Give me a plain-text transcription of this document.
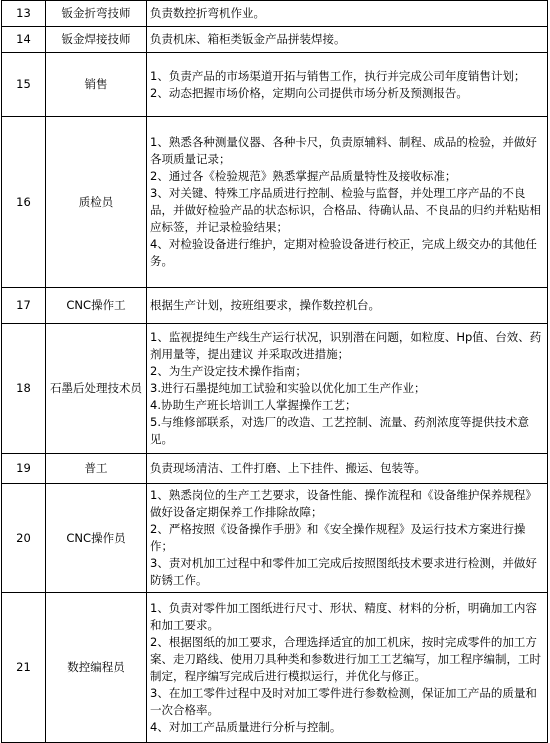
13	钣金折弯技师	负责数控折弯机作业。

14	钣金焊接技师	负责机床、箱柜类钣金产品拼装焊接。

15	销售	1、负责产品的市场渠道开拓与销售工作，执行并完成公司年度销售计划；
2、动态把握市场价格，定期向公司提供市场分析及预测报告。

16	质检员	1、熟悉各种测量仪器、各种卡尺，负责原辅料、制程、成品的检验，并做好各项质量记录；
2、通过各《检验规范》熟悉掌握产品质量特性及接收标准；
3、对关键、特殊工序品质进行控制、检验与监督，并处理工序产品的不良品，并做好检验产品的状态标识，合格品、待确认品、不良品的归约并粘贴相应标签，并记录检验结果；
4、对检验设备进行维护，定期对检验设备进行校正，完成上级交办的其他任务。

17	CNC操作工	根据生产计划，按班组要求，操作数控机台。

18	石墨后处理技术员	1、监视提纯生产线生产运行状况，识别潜在问题，如粒度、Hp值、台效、药剂用量等，提出建议 并采取改进措施；
2、为生产设定技术操作指南；
3.进行石墨提纯加工试验和实验以优化加工生产作业；
4.协助生产班长培训工人掌握操作工艺；
5.与维修部联系，对选厂的改造、工艺控制、流量、药剂浓度等提供技术意见。

19	普工	负责现场清洁、工件打磨、上下挂件、搬运、包装等。

20	CNC操作员	1、熟悉岗位的生产工艺要求，设备性能、操作流程和《设备维护保养规程》做好设备定期保养工作排除故障；
2、严格按照《设备操作手册》和《安全操作规程》及运行技术方案进行操作；
3、责对机加工过程中和零件加工完成后按照图纸技术要求进行检测，并做好防锈工作。

21	数控编程员	1、负责对零件加工图纸进行尺寸、形状、精度、材料的分析，明确加工内容和加工要求。
2、根据图纸的加工要求，合理选择适宜的加工机床，按时完成零件的加工方案、走刀路线、使用刀具种类和参数进行加工工艺编写，加工程序编制，工时制定，程序编写完成后进行模拟运行，并优化与修正。
3、在加工零件过程中及时对加工零件进行参数检测，保证加工产品的质量和一次合格率。
4、对加工产品质量进行分析与控制。
